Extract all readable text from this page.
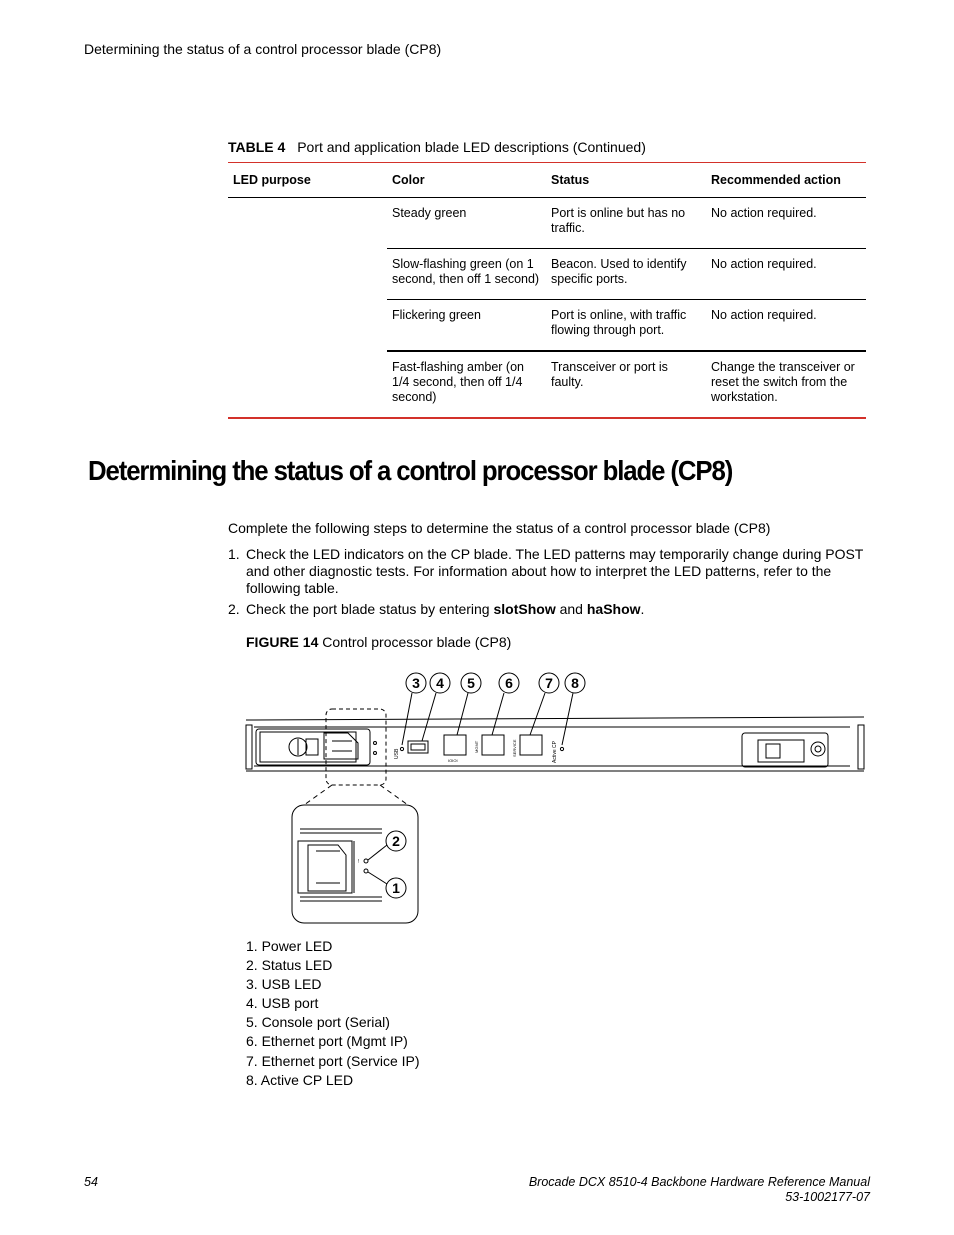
Determining the status of a control processor blade (CP8)
TABLE 4 Port and application blade LED descriptions (Continued)
LED purpose	Color	Status	Recommended action
	Steady green	Port is online but has no traffic.	No action required.
	Slow-flashing green (on 1 second, then off 1 second)	Beacon. Used to identify specific ports.	No action required.
	Flickering green	Port is online, with traffic flowing through port.	No action required.
	Fast-flashing amber (on 1/4 second, then off 1/4 second)	Transceiver or port is faulty.	Change the transceiver or reset the switch from the workstation.
Determining the status of a control processor blade (CP8)

Complete the following steps to determine the status of a control processor blade (CP8)

1. Check the LED indicators on the CP blade. The LED patterns may temporarily change during POST and other diagnostic tests. For information about how to interpret the LED patterns, refer to the following table.
2. Check the port blade status by entering slotShow and haShow.
FIGURE 14 Control processor blade (CP8)
USB
IOIOI
MGMT	SERVICE	Active CP
3 4 5 6 7 8
!
2
1
1. Power LED
2. Status LED
3. USB LED
4. USB port
5. Console port (Serial)
6. Ethernet port (Mgmt IP)
7. Ethernet port (Service IP)
8. Active CP LED
54	Brocade DCX 8510-4 Backbone Hardware Reference Manual
53-1002177-07
